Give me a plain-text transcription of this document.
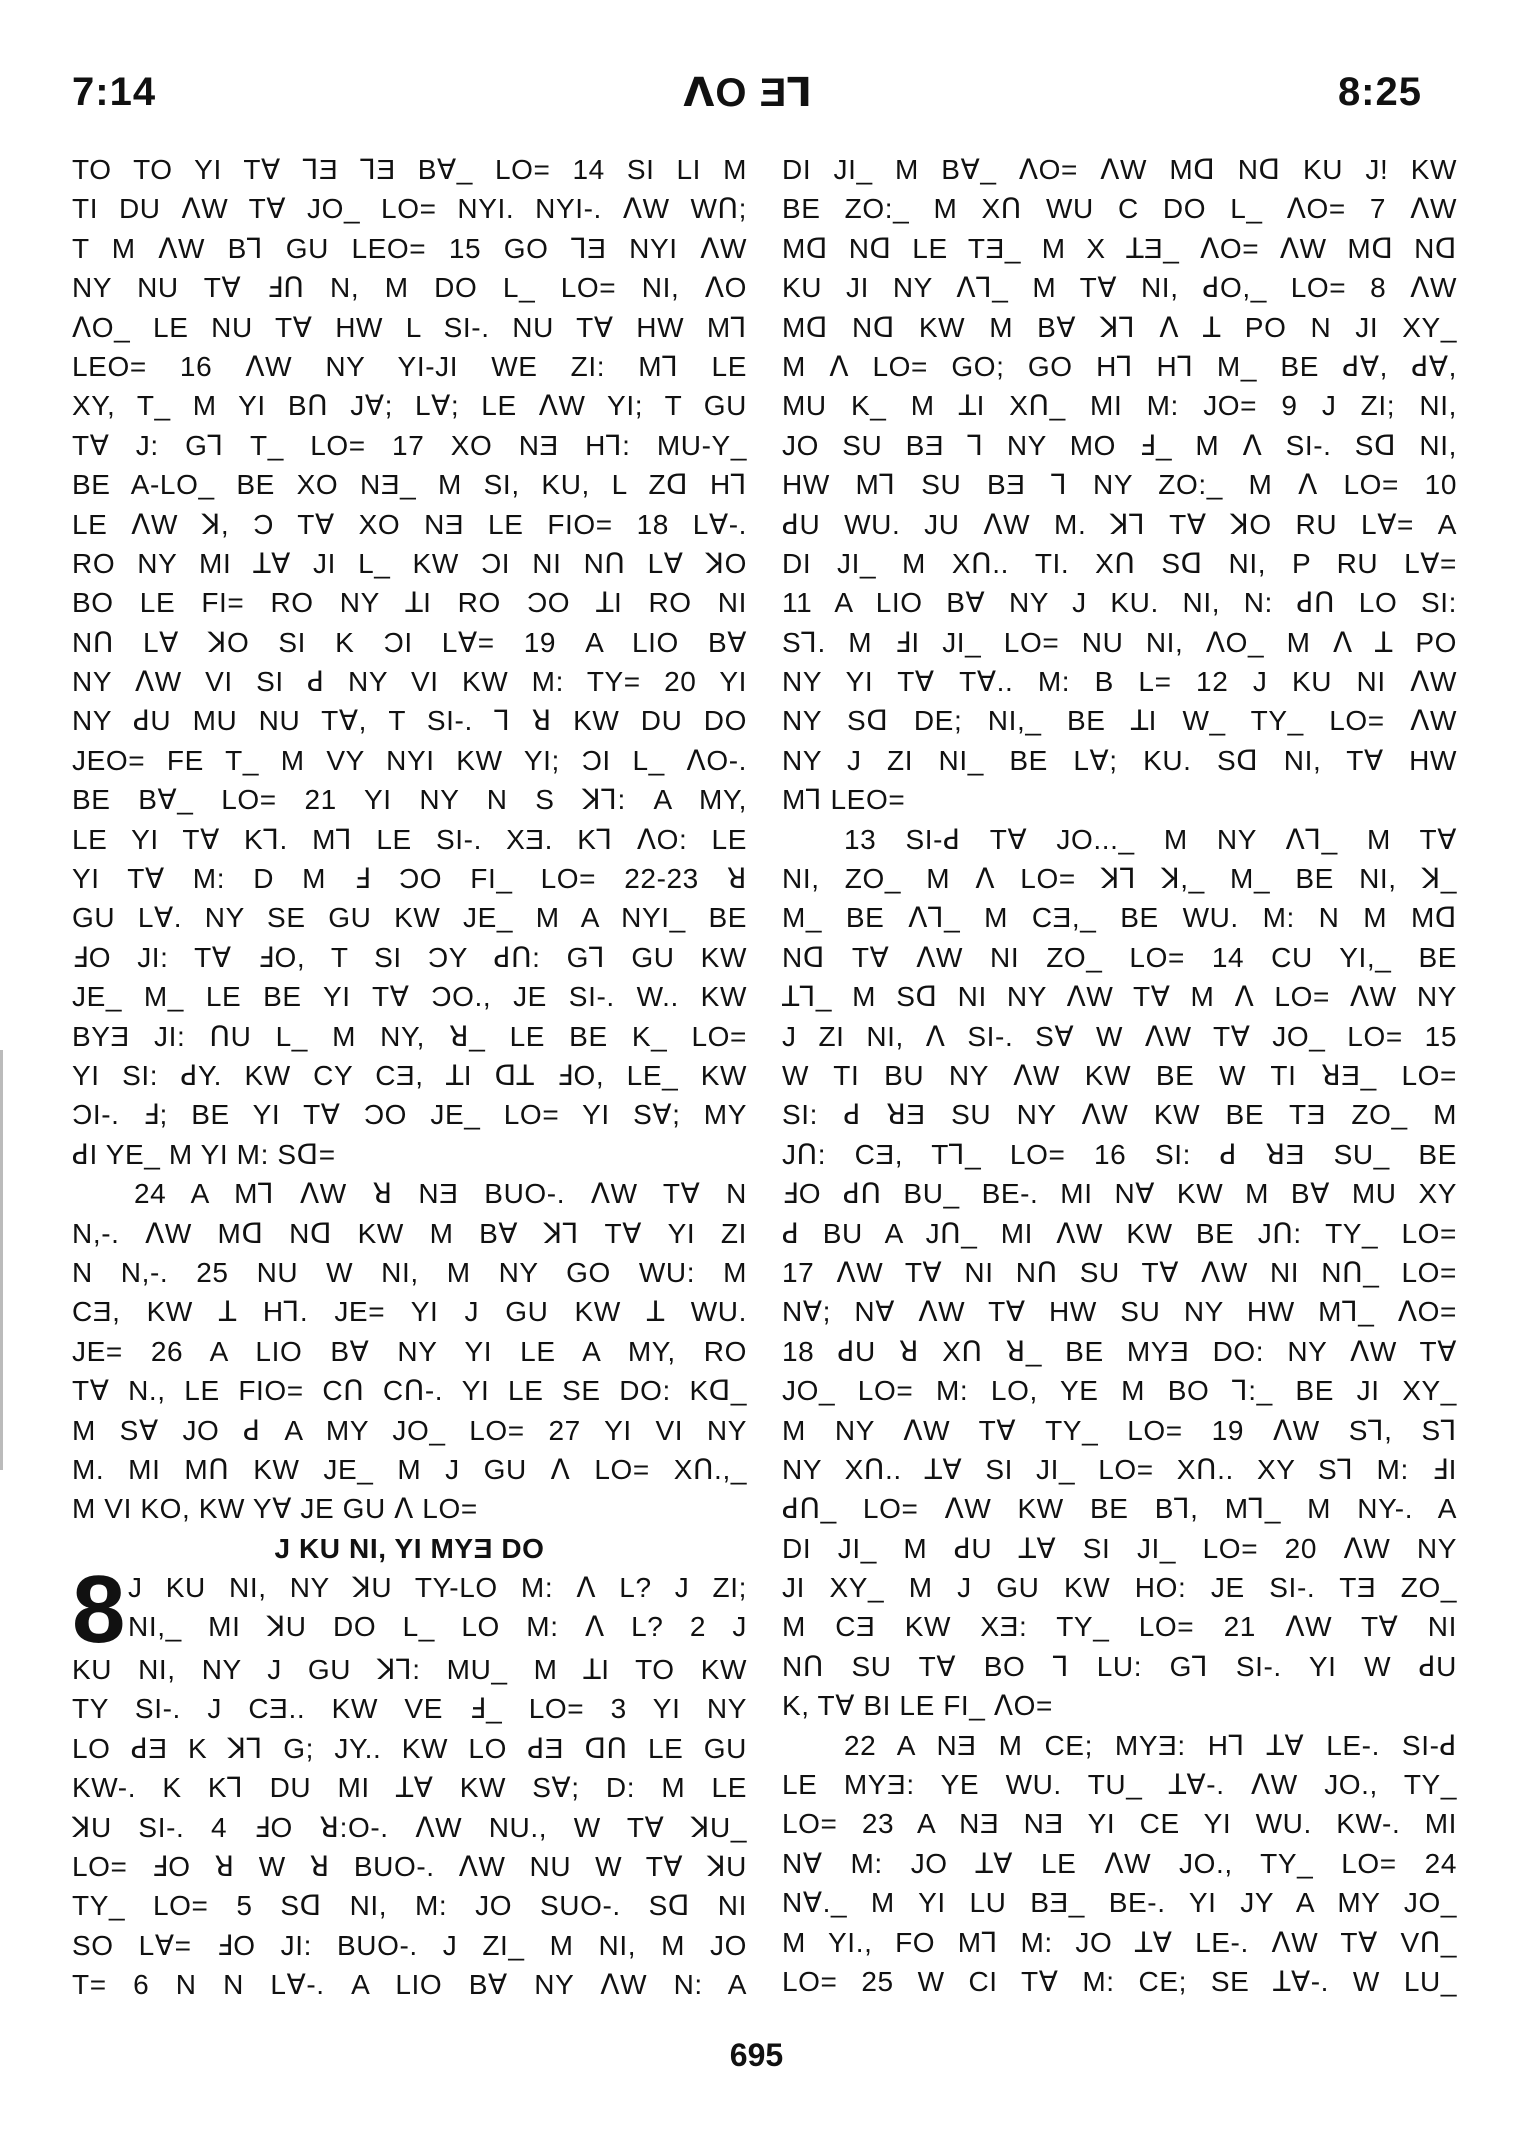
7:14	ꓥO Ǝꓶ	8:25
TO TO YI Tꓯ ꓶƎ ꓶƎ Bꓯ_ LO= 14 SI LI M
TI DU ꓥW Tꓯ JO_ LO= NYI. NYI-. ꓥW Wꓵ;
T M ꓥW Bꓶ GU LEO= 15 GO ꓶƎ NYI ꓥW
NY NU Tꓯ ꓞꓵ N, M DO L_ LO= NI, ꓥO
ꓥO_ LE NU Tꓯ HW L SI-. NU Tꓯ HW Mꓶ
LEO= 16 ꓥW NY YI-JI WE ZI: Mꓶ LE
XY, T_ M YI Bꓵ Jꓯ; Lꓯ; LE ꓥW YI; T GU
Tꓯ J: Gꓶ T_ LO= 17 XO NƎ Hꓶ: MU-Y_
BE A-LO_ BE XO NƎ_ M SI, KU, L Zꓷ Hꓶ
LE ꓥW ꓘ, Ɔ Tꓯ XO NƎ LE FIO= 18 Lꓯ-.
RO NY MI ꓕꓯ JI L_ KW ƆI NI Nꓵ Lꓯ ꓘO
BO LE FI= RO NY ꓕI RO ƆO ꓕI RO NI
Nꓵ Lꓯ ꓘO SI K ƆI Lꓯ= 19 A LIO Bꓯ
NY ꓥW VI SI ꓒ NY VI KW M: TY= 20 YI
NY ꓒU MU NU Tꓯ, T SI-. ꓶ ꓤ KW DU DO
JEO= FE T_ M VY NYI KW YI; ƆI L_ ꓥO-.
BE Bꓯ_ LO= 21 YI NY N S ꓘꓶ: A MY,
LE YI Tꓯ Kꓶ. Mꓶ LE SI-. XƎ. Kꓶ ꓥO: LE
YI Tꓯ M: D M ꓞ ƆO FI_ LO= 22-23 ꓤ
GU Lꓯ. NY SE GU KW JE_ M A NYI_ BE
ꓞO JI: Tꓯ ꓞO, T SI ƆY ꓒꓵ: Gꓶ GU KW
JE_ M_ LE BE YI Tꓯ ƆO., JE SI-. W.. KW
BYƎ JI: ꓵU L_ M NY, ꓤ_ LE BE K_ LO=
YI SI: ꓒY. KW CY CƎ, ꓕI ꓷꓕ ꓞO, LE_ KW
ƆI-. ꓞ; BE YI Tꓯ ƆO JE_ LO= YI Sꓯ; MY
ꓒI YE_ M YI M: Sꓷ=
24 A Mꓶ ꓥW ꓤ NƎ BUO-. ꓥW Tꓯ N
N,-. ꓥW Mꓷ Nꓷ KW M Bꓯ ꓘꓶ Tꓯ YI ZI
N N,-. 25 NU W NI, M NY GO WU: M
CƎ, KW ꓕ Hꓶ. JE= YI J GU KW ꓕ WU.
JE= 26 A LIO Bꓯ NY YI LE A MY, RO
Tꓯ N., LE FIO= Cꓵ Cꓵ-. YI LE SE DO: Kꓷ_
M Sꓯ JO ꓒ A MY JO_ LO= 27 YI VI NY
M. MI Mꓵ KW JE_ M J GU ꓥ LO= Xꓵ.,_
M VI KO, KW Yꓯ JE GU ꓥ LO=
J KU NI, YI MYƎ DO
8 J KU NI, NY ꓘU TY-LO M: ꓥ L? J ZI;
NI,_ MI ꓘU DO L_ LO M: ꓥ L? 2 J
KU NI, NY J GU ꓘꓶ: MU_ M ꓕI TO KW
TY SI-. J CƎ.. KW VE ꓞ_ LO= 3 YI NY
LO ꓒƎ K ꓘꓶ G; JY.. KW LO ꓒƎ ꓷꓵ LE GU
KW-. K Kꓶ DU MI ꓕꓯ KW Sꓯ; D: M LE
ꓘU SI-. 4 ꓞO ꓤ:O-. ꓥW NU., W Tꓯ ꓘU_
LO= ꓞO ꓤ W ꓤ BUO-. ꓥW NU W Tꓯ ꓘU
TY_ LO= 5 Sꓷ NI, M: JO SUO-. Sꓷ NI
SO Lꓯ= ꓞO JI: BUO-. J ZI_ M NI, M JO
T= 6 N N Lꓯ-. A LIO Bꓯ NY ꓥW N: A
DI JI_ M Bꓯ_ ꓥO= ꓥW Mꓷ Nꓷ KU J! KW
BE ZO:_ M Xꓵ WU C DO L_ ꓥO= 7 ꓥW
Mꓷ Nꓷ LE TƎ_ M X ꓕƎ_ ꓥO= ꓥW Mꓷ Nꓷ
KU JI NY ꓥꓶ_ M Tꓯ NI, ꓒO,_ LO= 8 ꓥW
Mꓷ Nꓷ KW M Bꓯ ꓘꓶ ꓥ ꓕ PO N JI XY_
M ꓥ LO= GO; GO Hꓶ Hꓶ M_ BE ꓒꓯ, ꓒꓯ,
MU K_ M ꓕI Xꓵ_ MI M: JO= 9 J ZI; NI,
JO SU BƎ ꓶ NY MO ꓞ_ M ꓥ SI-. Sꓷ NI,
HW Mꓶ SU BƎ ꓶ NY ZO:_ M ꓥ LO= 10
ꓒU WU. JU ꓥW M. ꓘꓶ Tꓯ ꓘO RU Lꓯ= A
DI JI_ M Xꓵ.. TI. Xꓵ Sꓷ NI, P RU Lꓯ=
11 A LIO Bꓯ NY J KU. NI, N: ꓒꓵ LO SI:
Sꓶ. M ꓞI JI_ LO= NU NI, ꓥO_ M ꓥ ꓕ PO
NY YI Tꓯ Tꓯ.. M: B L= 12 J KU NI ꓥW
NY Sꓷ DE; NI,_ BE ꓕI W_ TY_ LO= ꓥW
NY J ZI NI_ BE Lꓯ; KU. Sꓷ NI, Tꓯ HW
Mꓶ LEO=
13 SI-ꓒ Tꓯ JO..._ M NY ꓥꓶ_ M Tꓯ
NI, ZO_ M ꓥ LO= ꓘꓶ ꓘ,_ M_ BE NI, ꓘ_
M_ BE ꓥꓶ_ M CƎ,_ BE WU. M: N M Mꓷ
Nꓷ Tꓯ ꓥW NI ZO_ LO= 14 CU YI,_ BE
ꓕꓶ_ M Sꓷ NI NY ꓥW Tꓯ M ꓥ LO= ꓥW NY
J ZI NI, ꓥ SI-. Sꓯ W ꓥW Tꓯ JO_ LO= 15
W TI BU NY ꓥW KW BE W TI ꓤƎ_ LO=
SI: ꓒ ꓤƎ SU NY ꓥW KW BE TƎ ZO_ M
Jꓵ: CƎ, Tꓶ_ LO= 16 SI: ꓒ ꓤƎ SU_ BE
ꓞO ꓒꓵ BU_ BE-. MI Nꓯ KW M Bꓯ MU XY
ꓒ BU A Jꓵ_ MI ꓥW KW BE Jꓵ: TY_ LO=
17 ꓥW Tꓯ NI Nꓵ SU Tꓯ ꓥW NI Nꓵ_ LO=
Nꓯ; Nꓯ ꓥW Tꓯ HW SU NY HW Mꓶ_ ꓥO=
18 ꓒU ꓤ Xꓵ ꓤ_ BE MYƎ DO: NY ꓥW Tꓯ
JO_ LO= M: LO, YE M BO ꓶ:_ BE JI XY_
M NY ꓥW Tꓯ TY_ LO= 19 ꓥW Sꓶ, Sꓶ
NY Xꓵ.. ꓕꓯ SI JI_ LO= Xꓵ.. XY Sꓶ M: ꓞI
ꓒꓵ_ LO= ꓥW KW BE Bꓶ, Mꓶ_ M NY-. A
DI JI_ M ꓒU ꓕꓯ SI JI_ LO= 20 ꓥW NY
JI XY_ M J GU KW HO: JE SI-. TƎ ZO_
M CƎ KW XƎ: TY_ LO= 21 ꓥW Tꓯ NI
Nꓵ SU Tꓯ BO ꓶ LU: Gꓶ SI-. YI W ꓒU
K, Tꓯ BI LE FI_ ꓥO=
22 A NƎ M CE; MYƎ: Hꓶ ꓕꓯ LE-. SI-ꓒ
LE MYƎ: YE WU. TU_ ꓕꓯ-. ꓥW JO., TY_
LO= 23 A NƎ NƎ YI CE YI WU. KW-. MI
Nꓯ M: JO ꓕꓯ LE ꓥW JO., TY_ LO= 24
Nꓯ._ M YI LU BƎ_ BE-. YI JY A MY JO_
M YI., FO Mꓶ M: JO ꓕꓯ LE-. ꓥW Tꓯ Vꓵ_
LO= 25 W CI Tꓯ M: CE; SE ꓕꓯ-. W LU_
695
